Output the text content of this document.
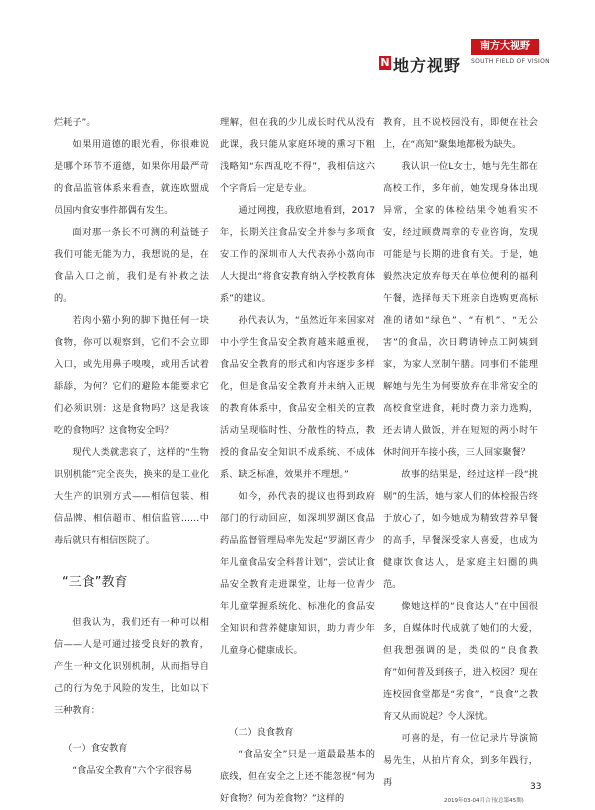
N 地方视野
南方大视野
SOUTH FIELD OF VISION

烂耗子”。

如果用道德的眼光看，你很难说是哪个环节不道德，如果你用最严苛的食品监管体系来看查，就连欧盟成员国内食安事件都偶有发生。

面对那一条长不可测的利益链子我们可能无能为力，我想说的是，在食品入口之前，我们是有补救之法的。

若肉小猫小狗的脚下抛任何一块食物，你可以观察到，它们不会立即入口，或先用鼻子嗅嗅，或用舌试着舔舔，为何？它们的避险本能要求它们必须识别：这是食物吗？这是我该吃的食物吗？这食物安全吗？

现代人类就悲哀了，这样的“生物识别机能”完全丧失，换来的是工业化大生产的识别方式——相信包装、相信品牌、相信超市、相信监管……中毒后就只有相信医院了。

“三食”教育

但我认为，我们还有一种可以相信——人是可通过接受良好的教育，产生一种文化识别机制，从而指导自己的行为免于风险的发生，比如以下三种教育：

（一）食安教育

“食品安全教育”六个字很容易

理解，但在我的少儿成长时代从没有此课，我只能从家庭环境的熏习下粗浅略知“东西乱吃不得”，我相信这六个字背后一定是专业。

通过网搜，我欣慰地看到，2017年，长期关注食品安全并参与多项食安工作的深圳市人大代表孙小荔向市人大提出“将食安教育纳入学校教育体系”的建议。

孙代表认为，“虽然近年来国家对中小学生食品安全教育越来越重视，食品安全教育的形式和内容逐步多样化，但是食品安全教育并未纳入正规的教育体系中，食品安全相关的宣教活动呈现临时性、分散性的特点，教授的食品安全知识不成系统、不成体系、缺乏标准，效果并不理想。”

如今，孙代表的提议也得到政府部门的行动回应，如深圳罗湖区食品药品监督管理局率先发起“罗湖区青少年儿童食品安全科普计划”，尝试让食品安全教育走进课堂，让每一位青少年儿童掌握系统化、标准化的食品安全知识和营养健康知识，助力青少年儿童身心健康成长。

（二）良食教育

“食品安全”只是一道最最基本的底线，但在安全之上还不能忽视“何为好食物？何为差食物？”这样的

教育，且不说校园没有，即便在社会上，在“高知”聚集地都极为缺失。

我认识一位L女士，她与先生都在高校工作，多年前，她发现身体出现异常，全家的体检结果令她看实不安，经过顾费周章的专业咨询，发现可能是与长期的进食有关。于是，她毅然决定放弃每天在单位便利的福利午餐，选择每天下班亲自选购更高标准的诸如“绿色”、“有机”、“无公害”的食品，次日聘请钟点工阿姨到家，为家人烹制午膳。同事们不能理解她与先生为何要放弃在非常安全的高校食堂进食，耗时费力亲力选购，还去请人做饭，并在短短的两小时午休时间开车接小孩，三人回家聚餐？

故事的结果是，经过这样一段“挑剔”的生活，她与家人们的体检报告终于放心了，如今她成为精致营养早餐的高手，早餐深受家人喜爱，也成为健康饮食达人，是家庭主妇圈的典范。

像她这样的“良食达人”在中国很多，自媒体时代成就了她们的大爱，但我想强调的是，类似的“良食教育”如何普及到孩子，进入校园？现在连校园食堂都是“劣食”，“良食”之教育又从而说起？令人深忧。

可喜的是，有一位记录片导演简易先生，从拍片育众，到多年践行，再	33
2019年03-04月合刊(总第45期)
